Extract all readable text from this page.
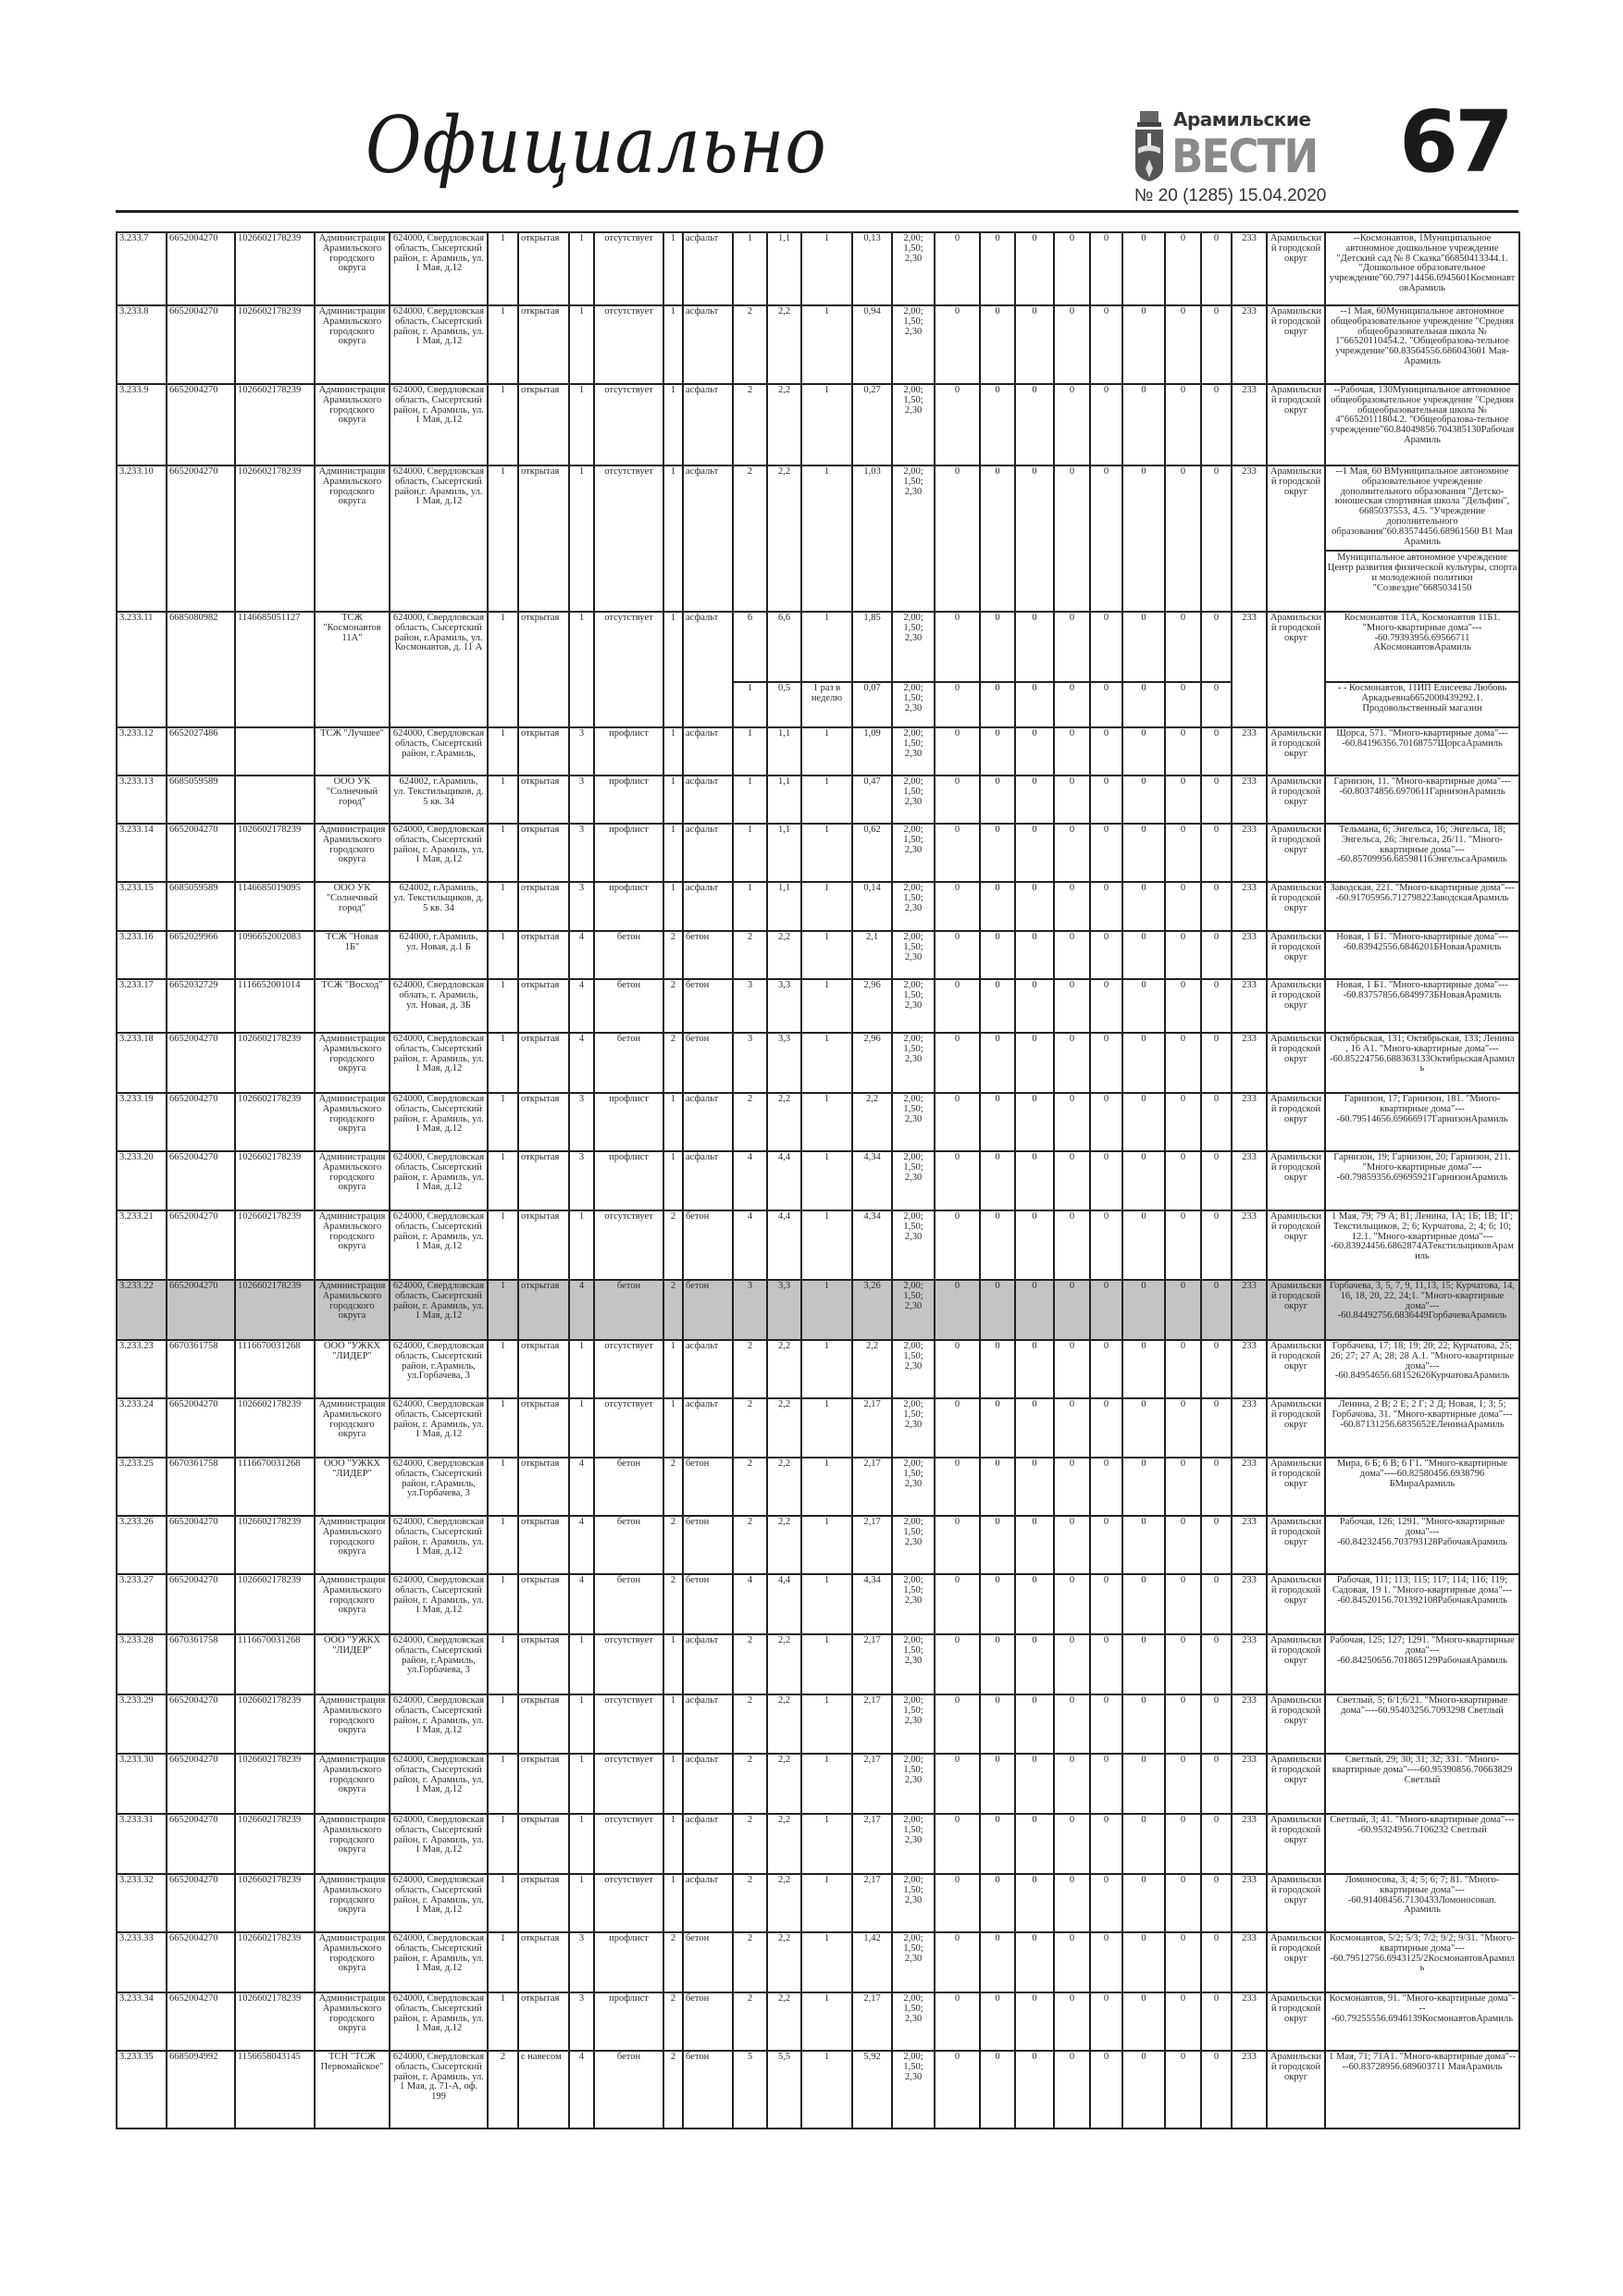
Официально	Арамильские
ВЕСТИ
№ 20 (1285) 15.04.2020
67
3.233.7	6652004270	1026602178239	Администрация Арамильского городского округа	624000, Свердловская область, Сысертский район, г. Арамиль, ул. 1 Мая, д.12	1	открытая	1	отсутствует	1	асфальт	1	1,1	1	0,13	2,00; 1,50; 2,30	0	0	0	0	0	0	0	0	233	Арамильский городской округ	--Космонавтов, 1Муниципальное автономное дошкольное учреждение "Детский сад № 8 Сказка"66850413344.1. "Дошкольное образовательное учреждение"60.79714456.6945601КосмонавтовАрамиль

3.233.8	6652004270	1026602178239	Администрация Арамильского городского округа	624000, Свердловская область, Сысертский район, г. Арамиль, ул. 1 Мая, д.12	1	открытая	1	отсутствует	1	асфальт	2	2,2	1	0,94	2,00; 1,50; 2,30	0	0	0	0	0	0	0	0	233	Арамильский городской округ	--1 Мая, 60Муниципальное автономное общеобразовательное учреждение "Средняя общеобразовательная школа № 1"66520110454.2. "Общеобразова-тельное учреждение"60.83564556.686043601 Мая-Арамиль

3.233.9	6652004270	1026602178239	Администрация Арамильского городского округа	624000, Свердловская область, Сысертский район, г. Арамиль, ул. 1 Мая, д.12	1	открытая	1	отсутствует	1	асфальт	2	2,2	1	0,27	2,00; 1,50; 2,30	0	0	0	0	0	0	0	0	233	Арамильский городской округ	--Рабочая, 130Муниципальное автономное общеобразовательное учреждение "Средняя общеобразовательная школа № 4"66520111804.2. "Общеобразова-тельное учреждение"60.84049856.704385130Рабочая Арамиль

3.233.10	6652004270	1026602178239	Администрация Арамильского городского округа	624000, Свердловская область, Сысертский район,г. Арамиль, ул. 1 Мая, д.12	1	открытая	1	отсутствует	1	асфальт	2	2,2	1	1,03	2,00; 1,50; 2,30	0	0	0	0	0	0	0	0	233	Арамильский городской округ	--1 Мая, 60 ВМуниципальное автономное образовательное учреждение дополнительного образования "Детско-юношеская спортивная школа "Дельфин", 6685037553, 4.5. "Учреждение дополнительного образования"60.83574456.68961560 В1 Мая Арамиль
Муниципальное автономное учреждение Центр развития физической культуры, спорта и молодежной политики "Созвездие"6685034150

3.233.11	6685080982	1146685051127	ТСЖ "Космонавтов 11А"	624000, Свердловская область, Сысертский район, г.Арамиль, ул. Космонавтов, д. 11 А	1	открытая	1	отсутствует	1	асфальт	6	6,6	1	1,85	2,00; 1,50; 2,30	0	0	0	0	0	0	0	0	233	Арамильский городской округ	Космонавтов 11А, Космонавтов 11Б1. "Много-квартирные дома"----60.79393956.69566711 АКосмонавтовАрамиль

											1	0,5	1 раз в неделю	0,07	2,00; 1,50; 2,30	0	0	0	0	0	0	0	0			- - Космонавтов, 11ИП Елисеева Любовь Аркадьевна6652000439292.1. Продовольственный магазин

3.233.12	6652027486		ТСЖ "Лучшее"	624000, Свердловская область, Сысертский район, г.Арамиль,	1	открытая	3	профлист	1	асфальт	1	1,1	1	1,09	2,00; 1,50; 2,30	0	0	0	0	0	0	0	0	233	Арамильский городской округ	Щорса, 571. "Много-квартирные дома"----60.84196356.70168757ЩорсаАрамиль

3.233.13	6685059589		ООО УК "Солнечный город"	624002, г.Арамиль, ул. Текстильщиков, д. 5 кв. 34	1	открытая	3	профлист	1	асфальт	1	1,1	1	0,47	2,00; 1,50; 2,30	0	0	0	0	0	0	0	0	233	Арамильский городской округ	Гарнизон, 11. "Много-квартирные дома"----60.80374856.6970611ГарнизонАрамиль

3.233.14	6652004270	1026602178239	Администрация Арамильского городского округа	624000, Свердловская область, Сысертский район, г. Арамиль, ул. 1 Мая, д.12	1	открытая	3	профлист	1	асфальт	1	1,1	1	0,62	2,00; 1,50; 2,30	0	0	0	0	0	0	0	0	233	Арамильский городской округ	Тельмана, 6; Энгельса, 16; Энгельса, 18; Энгельса, 26; Энгельса, 26/11. "Много-квартирные дома"----60.85709956.68598116ЭнгельсаАрамиль

3.233.15	6685059589	1146685019095	ООО УК "Солнечный город"	624002, г.Арамиль, ул. Текстильщиков, д. 5 кв. 34	1	открытая	3	профлист	1	асфальт	1	1,1	1	0,14	2,00; 1,50; 2,30	0	0	0	0	0	0	0	0	233	Арамильский городской округ	Заводская, 221. "Много-квартирные дома"----60.91705956.71279822ЗаводскаяАрамиль

3.233.16	6652029966	1096652002083	ТСЖ "Новая 1Б"	624000, г.Арамиль, ул. Новая, д.1 Б	1	открытая	4	бетон	2	бетон	2	2,2	1	2,1	2,00; 1,50; 2,30	0	0	0	0	0	0	0	0	233	Арамильский городской округ	Новая, 1 Б1. "Много-квартирные дома"----60.83942556.6846201БНоваяАрамиль

3.233.17	6652032729	1116652001014	ТСЖ "Восход"	624000, Свердловская облать, г. Арамиль, ул. Новая, д. 3Б	1	открытая	4	бетон	2	бетон	3	3,3	1	2,96	2,00; 1,50; 2,30	0	0	0	0	0	0	0	0	233	Арамильский городской округ	Новая, 1 Б1. "Много-квартирные дома"----60.83757856.6849973БНоваяАрамиль

3.233.18	6652004270	1026602178239	Администрация Арамильского городского округа	624000, Свердловская область, Сысертский район, г. Арамиль, ул. 1 Мая, д.12	1	открытая	4	бетон	2	бетон	3	3,3	1	2,96	2,00; 1,50; 2,30	0	0	0	0	0	0	0	0	233	Арамильский городской округ	Октябрьская, 131; Октябрьская, 133; Ленина , 16 А1. "Много-квартирные дома"----60.85224756.688363133ОктябрьскаяАрамиль

3.233.19	6652004270	1026602178239	Администрация Арамильского городского округа	624000, Свердловская область, Сысертский район, г. Арамиль, ул. 1 Мая, д.12	1	открытая	3	профлист	1	асфальт	2	2,2	1	2,2	2,00; 1,50; 2,30	0	0	0	0	0	0	0	0	233	Арамильский городской округ	Гарнизон, 17; Гарнизон, 181. "Много-квартирные дома"----60.79514656.69666917ГарнизонАрамиль

3.233.20	6652004270	1026602178239	Администрация Арамильского городского округа	624000, Свердловская область, Сысертский район, г. Арамиль, ул. 1 Мая, д.12	1	открытая	3	профлист	1	асфальт	4	4,4	1	4,34	2,00; 1,50; 2,30	0	0	0	0	0	0	0	0	233	Арамильский городской округ	Гарнизон, 19; Гарнизон, 20; Гарнизон, 211. "Много-квартирные дома"----60.79859356.69695921ГарнизонАрамиль

3.233.21	6652004270	1026602178239	Администрация Арамильского городского округа	624000, Свердловская область, Сысертский район, г. Арамиль, ул. 1 Мая, д.12	1	открытая	1	отсутствует	2	бетон	4	4,4	1	4,34	2,00; 1,50; 2,30	0	0	0	0	0	0	0	0	233	Арамильский городской округ	1 Мая, 79; 79 А; 81; Ленина, 1А; 1Б; 1В; 1Г; Текстильщиков, 2; 6; Курчатова, 2; 4; 6; 10; 12.1. "Много-квартирные дома"----60.83924456.6862874АТекстильщиковАрамиль

3.233.22	6652004270	1026602178239	Администрация Арамильского городского округа	624000, Свердловская область, Сысертский район, г. Арамиль, ул. 1 Мая, д.12	1	открытая	4	бетон	2	бетон	3	3,3	1	3,26	2,00; 1,50; 2,30	0	0	0	0	0	0	0	0	233	Арамильский городской округ	Горбачева, 3, 5, 7, 9, 11,13, 15; Курчатова, 14, 16, 18, 20, 22, 24;1. "Много-квартирные дома"----60.84492756.6836449ГорбачеваАрамиль

3.233.23	6670361758	1116670031268	ООО "УЖКХ "ЛИДЕР"	624000, Свердловская область, Сысертский район, г.Арамиль, ул.Горбачева, 3	1	открытая	1	отсутствует	1	асфальт	2	2,2	1	2,2	2,00; 1,50; 2,30	0	0	0	0	0	0	0	0	233	Арамильский городской округ	Горбачева, 17; 18; 19; 20; 22; Курчатова, 25; 26; 27; 27 А; 28; 28 А.1. "Много-квартирные дома"----60.84954656.68152626КурчатоваАрамиль

3.233.24	6652004270	1026602178239	Администрация Арамильского городского округа	624000, Свердловская область, Сысертский район, г. Арамиль, ул. 1 Мая, д.12	1	открытая	1	отсутствует	1	асфальт	2	2,2	1	2,17	2,00; 1,50; 2,30	0	0	0	0	0	0	0	0	233	Арамильский городской округ	Ленина, 2 В; 2 Е; 2 Г; 2 Д; Новая, 1; 3; 5; Горбачова, 31. "Много-квартирные дома"----60.87131256.6835652ЕЛенинаАрамиль

3.233.25	6670361758	1116670031268	ООО "УЖКХ "ЛИДЕР"	624000, Свердловская область, Сысертский район, г.Арамиль, ул.Горбачева, 3	1	открытая	4	бетон	2	бетон	2	2,2	1	2,17	2,00; 1,50; 2,30	0	0	0	0	0	0	0	0	233	Арамильский городской округ	Мира, 6 Б; 6 В; 6 Г1. "Много-квартирные дома"----60.82580456.6938796 БМираАрамиль

3.233.26	6652004270	1026602178239	Администрация Арамильского городского округа	624000, Свердловская область, Сысертский район, г. Арамиль, ул. 1 Мая, д.12	1	открытая	4	бетон	2	бетон	2	2,2	1	2,17	2,00; 1,50; 2,30	0	0	0	0	0	0	0	0	233	Арамильский городской округ	Рабочая, 126; 1291. "Много-квартирные дома"----60.84232456.703793128РабочаяАрамиль

3.233.27	6652004270	1026602178239	Администрация Арамильского городского округа	624000, Свердловская область, Сысертский район, г. Арамиль, ул. 1 Мая, д.12	1	открытая	4	бетон	2	бетон	4	4,4	1	4,34	2,00; 1,50; 2,30	0	0	0	0	0	0	0	0	233	Арамильский городской округ	Рабочая, 111; 113; 115; 117; 114; 116; 119; Садовая, 19 1. "Много-квартирные дома"----60.84520156.701392108РабочаяАрамиль

3.233.28	6670361758	1116670031268	ООО "УЖКХ "ЛИДЕР"	624000, Свердловская область, Сысертский район, г.Арамиль, ул.Горбачева, 3	1	открытая	1	отсутствует	1	асфальт	2	2,2	1	2,17	2,00; 1,50; 2,30	0	0	0	0	0	0	0	0	233	Арамильский городской округ	Рабочая, 125; 127; 1291. "Много-квартирные дома"----60.84250656.701865129РабочаяАрамиль

3.233.29	6652004270	1026602178239	Администрация Арамильского городского округа	624000, Свердловская область, Сысертский район, г. Арамиль, ул. 1 Мая, д.12	1	открытая	1	отсутствует	1	асфальт	2	2,2	1	2,17	2,00; 1,50; 2,30	0	0	0	0	0	0	0	0	233	Арамильский городской округ	Светлый, 5; 6/1;6/21. "Много-квартирные дома"----60.95403256.7093298 Светлый

3.233.30	6652004270	1026602178239	Администрация Арамильского городского округа	624000, Свердловская область, Сысертский район, г. Арамиль, ул. 1 Мая, д.12	1	открытая	1	отсутствует	1	асфальт	2	2,2	1	2,17	2,00; 1,50; 2,30	0	0	0	0	0	0	0	0	233	Арамильский городской округ	Светлый, 29; 30; 31; 32; 331. "Много-квартирные дома"----60.95390856.70663829 Светлый

3.233.31	6652004270	1026602178239	Администрация Арамильского городского округа	624000, Свердловская область, Сысертский район, г. Арамиль, ул. 1 Мая, д.12	1	открытая	1	отсутствует	1	асфальт	2	2,2	1	2,17	2,00; 1,50; 2,30	0	0	0	0	0	0	0	0	233	Арамильский городской округ	Светлый, 3; 41. "Много-квартирные дома"----60.95324956.7106232 Светлый

3.233.32	6652004270	1026602178239	Администрация Арамильского городского округа	624000, Свердловская область, Сысертский район, г. Арамиль, ул. 1 Мая, д.12	1	открытая	1	отсутствует	1	асфальт	2	2,2	1	2,17	2,00; 1,50; 2,30	0	0	0	0	0	0	0	0	233	Арамильский городской округ	Ломоносова, 3; 4; 5; 6; 7; 81. "Много-квартирные дома"----60.91408456.7130433Ломоносовап. Арамиль

3.233.33	6652004270	1026602178239	Администрация Арамильского городского округа	624000, Свердловская область, Сысертский район, г. Арамиль, ул. 1 Мая, д.12	1	открытая	3	профлист	2	бетон	2	2,2	1	1,42	2,00; 1,50; 2,30	0	0	0	0	0	0	0	0	233	Арамильский городской округ	Космонавтов, 5/2; 5/3; 7/2; 9/2; 9/31. "Много-квартирные дома"----60.79512756.6943125/2КосмонавтовАрамиль

3.233.34	6652004270	1026602178239	Администрация Арамильского городского округа	624000, Свердловская область, Сысертский район, г. Арамиль, ул. 1 Мая, д.12	1	открытая	3	профлист	2	бетон	2	2,2	1	2,17	2,00; 1,50; 2,30	0	0	0	0	0	0	0	0	233	Арамильский городской округ	Космонавтов, 91. "Много-квартирные дома"----60.79255556.6946139КосмонавтовАрамиль

3.233.35	6685094992	1156658043145	ТСН "ТСЖ Первомайское"	624000, Свердловская область, Сысертский район, г. Арамиль, ул. 1 Мая, д. 71-А, оф. 199	2	с навесом	4	бетон	2	бетон	5	5,5	1	5,92	2,00; 1,50; 2,30	0	0	0	0	0	0	0	0	233	Арамильский городской округ	1 Мая, 71; 71А1. "Много-квартирные дома"----60.83728956.689603711 МаяАрамиль
